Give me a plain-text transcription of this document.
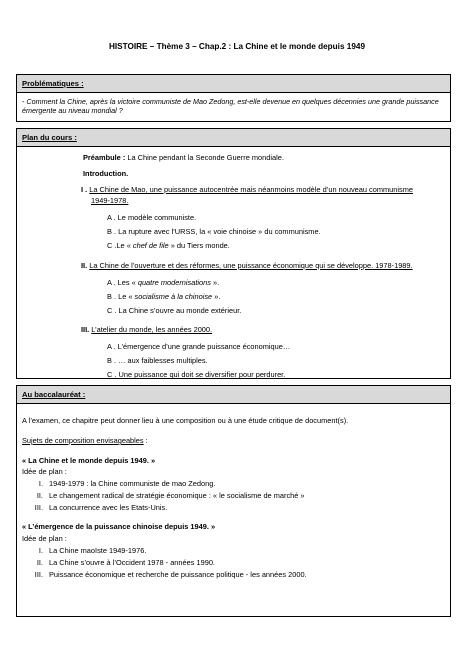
HISTOIRE – Thème 3 – Chap.2 : La Chine et le monde depuis 1949
Problématiques :
- Comment la Chine, après la victoire communiste de Mao Zedong, est-elle devenue en quelques décennies une grande puissance émergente au niveau mondial ?
Plan du cours :
Préambule : La Chine pendant la Seconde Guerre mondiale.
Introduction.
I . La Chine de Mao, une puissance autocentrée mais néanmoins modèle d’un nouveau communisme
1949-1978.
A . Le modèle communiste.
B . La rupture avec l’URSS, la « voie chinoise » du communisme.
C .Le « chef de file » du Tiers monde.
II. La Chine de l’ouverture et des réformes, une puissance économique qui se développe. 1978-1989.
A . Les « quatre modernisations ».
B . Le « socialisme à la chinoise ».
C . La Chine s’ouvre au monde extérieur.
III. L’atelier du monde, les années 2000.
A . L’émergence d’une grande puissance économique…
B . … aux faiblesses multiples.
C . Une puissance qui doit se diversifier pour perdurer.
Au baccalauréat :
A l’examen, ce chapitre peut donner lieu à une composition ou à une étude critique de document(s).
Sujets de composition envisageables :
« La Chine et le monde depuis 1949. »
Idée de plan :
I. 1949-1979 : la Chine communiste de mao Zedong.
II. Le changement radical de stratégie économique : « le socialisme de marché »
III. La concurrence avec les Etats-Unis.
« L’émergence de la puissance chinoise depuis 1949. »
Idée de plan :
I. La Chine maoïste 1949-1976.
II. La Chine s’ouvre à l’Occident 1978 - années 1990.
III. Puissance économique et recherche de puissance politique - les années 2000.
